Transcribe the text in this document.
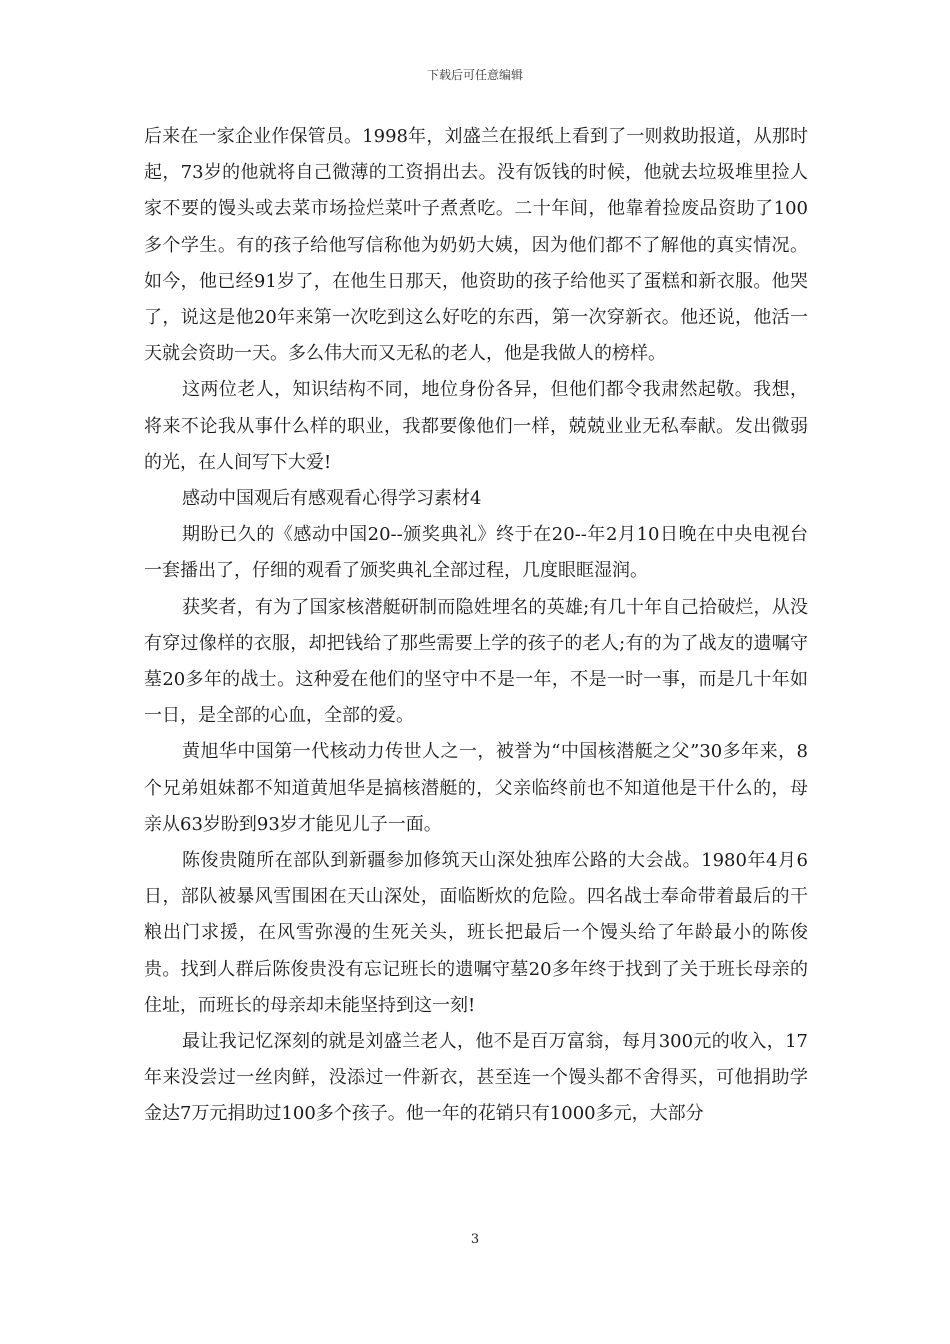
下载后可任意编辑

后来在一家企业作保管员。1998年，刘盛兰在报纸上看到了一则救助报道，从那时起，73岁的他就将自己微薄的工资捐出去。没有饭钱的时候，他就去垃圾堆里捡人家不要的馒头或去菜市场捡烂菜叶子煮煮吃。二十年间，他靠着捡废品资助了100多个学生。有的孩子给他写信称他为奶奶大姨，因为他们都不了解他的真实情况。如今，他已经91岁了，在他生日那天，他资助的孩子给他买了蛋糕和新衣服。他哭了，说这是他20年来第一次吃到这么好吃的东西，第一次穿新衣。他还说，他活一天就会资助一天。多么伟大而又无私的老人，他是我做人的榜样。

这两位老人，知识结构不同，地位身份各异，但他们都令我肃然起敬。我想，将来不论我从事什么样的职业，我都要像他们一样，兢兢业业无私奉献。发出微弱的光，在人间写下大爱!

感动中国观后有感观看心得学习素材4

期盼已久的《感动中国20--颁奖典礼》终于在20--年2月10日晚在中央电视台一套播出了，仔细的观看了颁奖典礼全部过程，几度眼眶湿润。

获奖者，有为了国家核潜艇研制而隐姓埋名的英雄;有几十年自己拾破烂，从没有穿过像样的衣服，却把钱给了那些需要上学的孩子的老人;有的为了战友的遗嘱守墓20多年的战士。这种爱在他们的坚守中不是一年，不是一时一事，而是几十年如一日，是全部的心血，全部的爱。

黄旭华中国第一代核动力传世人之一，被誉为“中国核潜艇之父”30多年来，8个兄弟姐妹都不知道黄旭华是搞核潜艇的，父亲临终前也不知道他是干什么的，母亲从63岁盼到93岁才能见儿子一面。

陈俊贵随所在部队到新疆参加修筑天山深处独库公路的大会战。1980年4月6日，部队被暴风雪围困在天山深处，面临断炊的危险。四名战士奉命带着最后的干粮出门求援，在风雪弥漫的生死关头，班长把最后一个馒头给了年龄最小的陈俊贵。找到人群后陈俊贵没有忘记班长的遗嘱守墓20多年终于找到了关于班长母亲的住址，而班长的母亲却未能坚持到这一刻!

最让我记忆深刻的就是刘盛兰老人，他不是百万富翁，每月300元的收入，17年来没尝过一丝肉鲜，没添过一件新衣，甚至连一个馒头都不舍得买，可他捐助学金达7万元捐助过100多个孩子。他一年的花销只有1000多元，大部分

3
